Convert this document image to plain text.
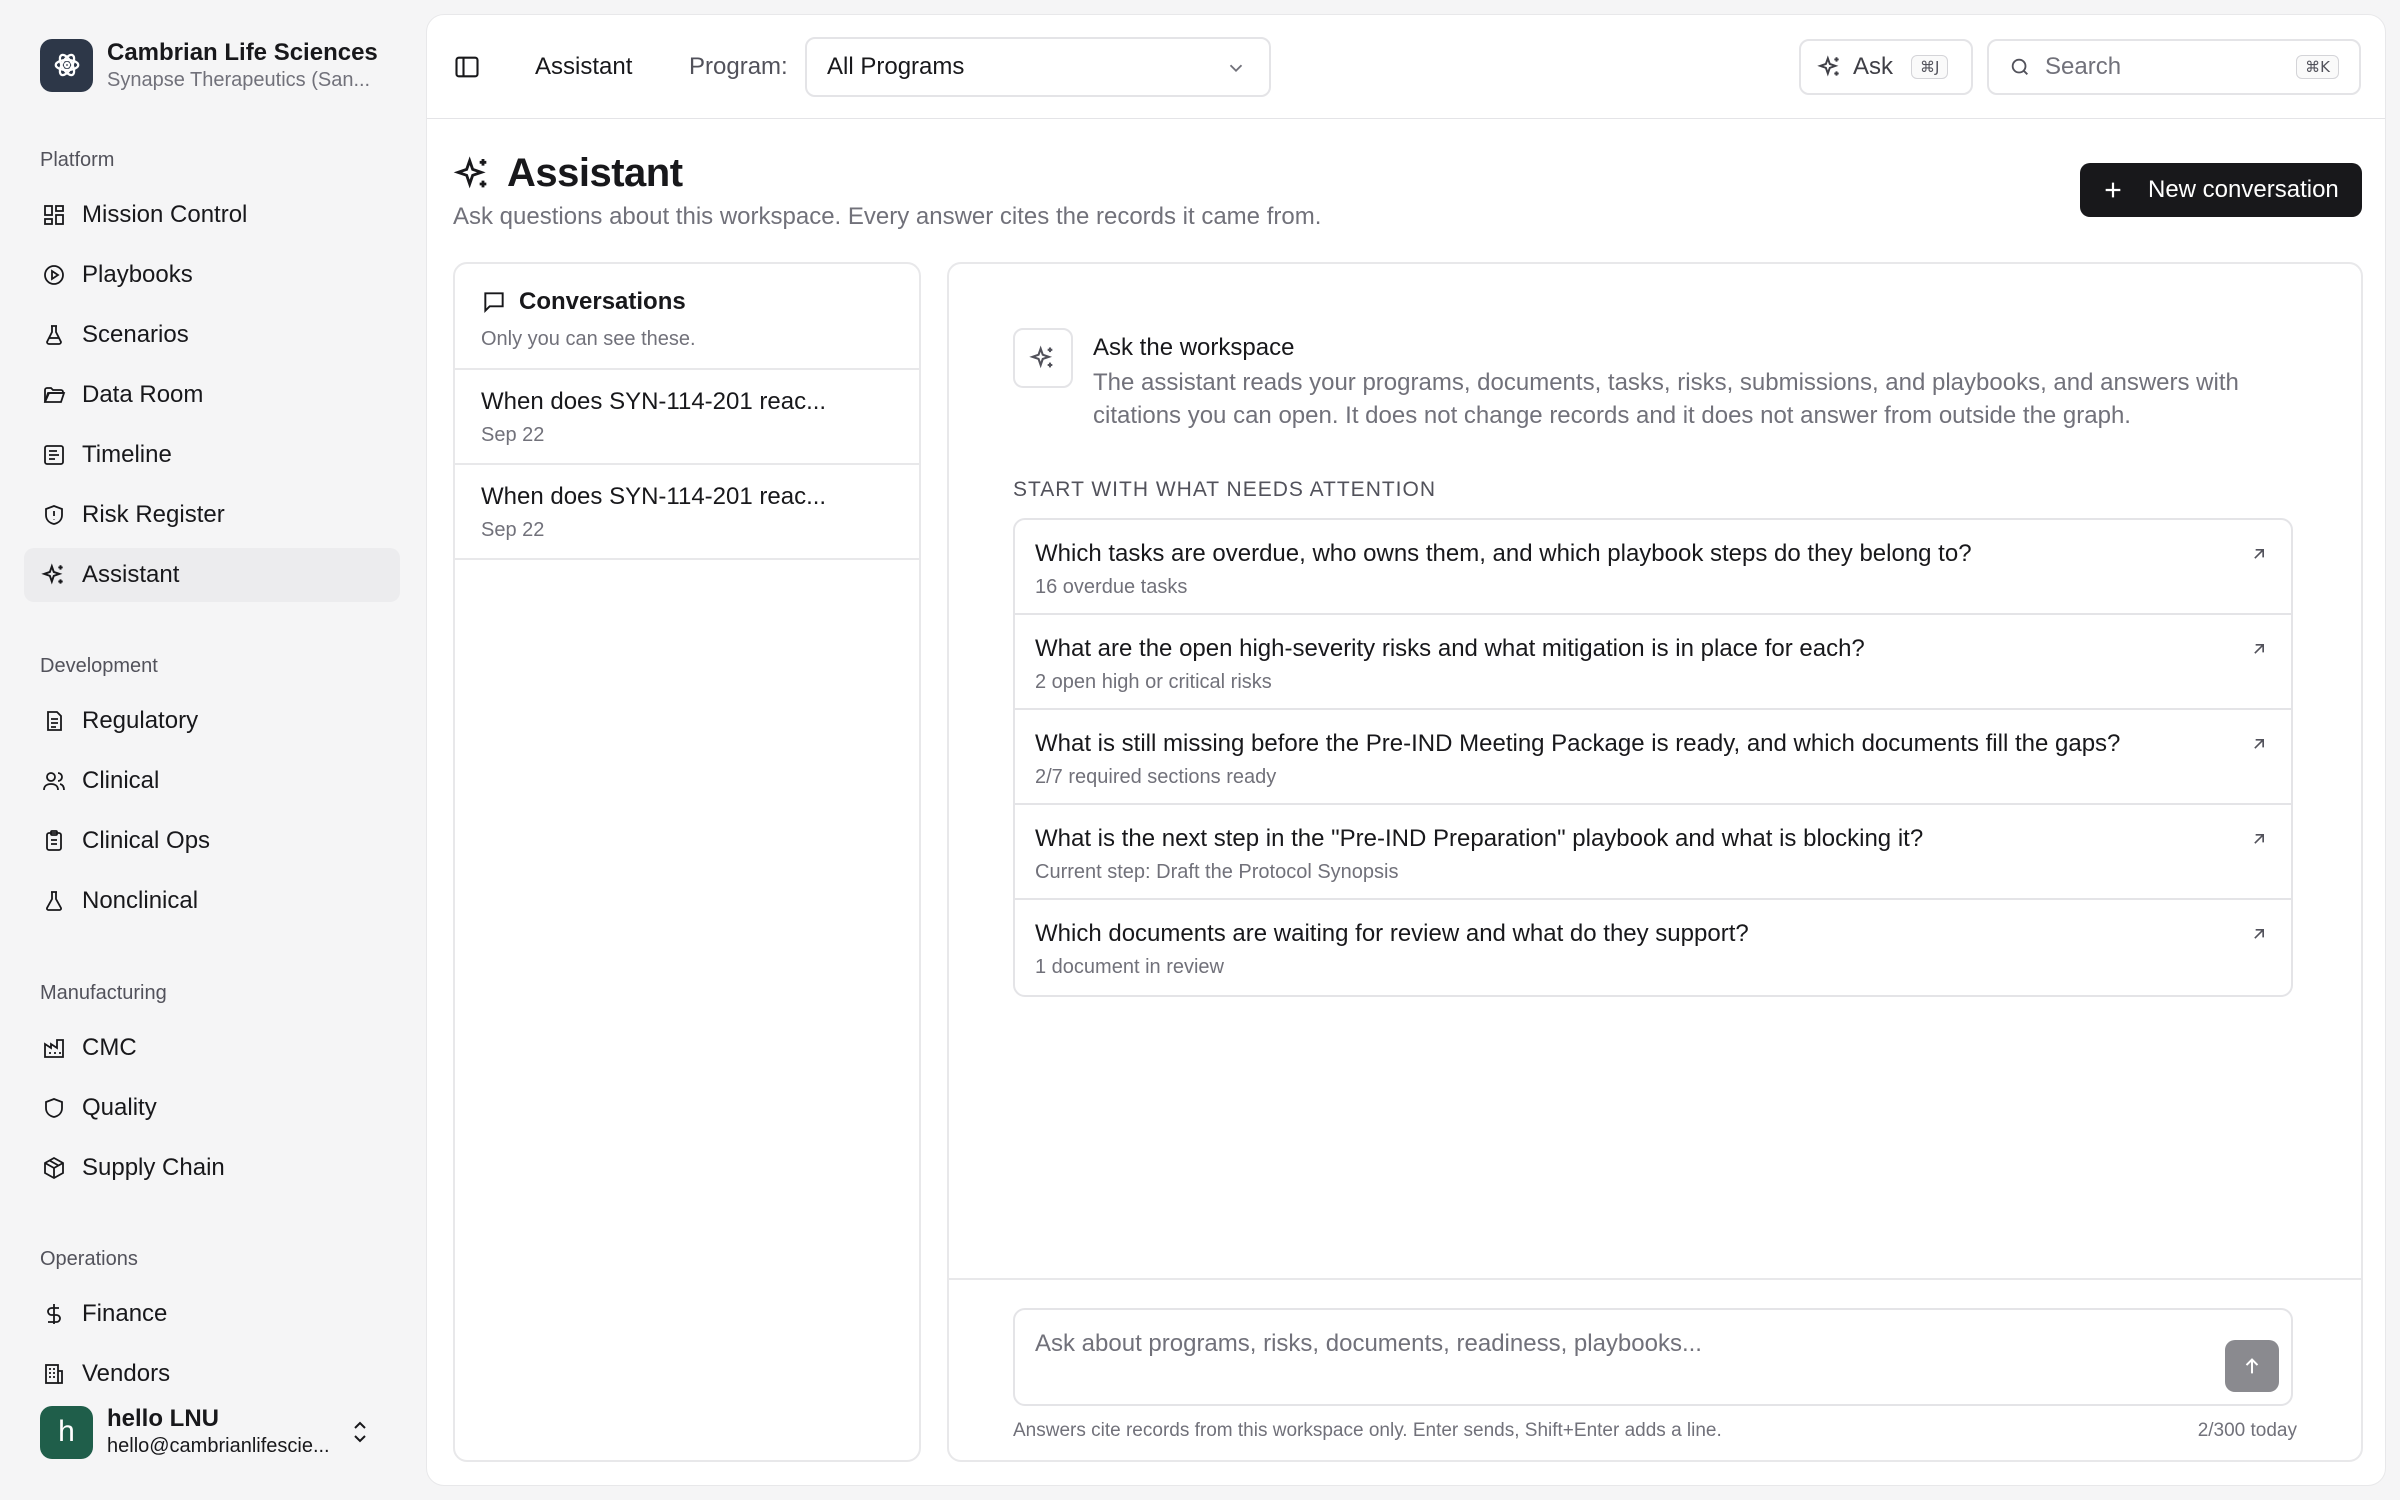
Cambrian Life Sciences
Synapse Therapeutics (San...
Platform
Mission Control
Playbooks
Scenarios
Data Room
Timeline
Risk Register
Assistant
Development
Regulatory
Clinical
Clinical Ops
Nonclinical
Manufacturing
CMC
Quality
Supply Chain
Operations
Finance
Vendors
h	hello LNU
hello@cambrianlifescie...
Assistant Program: All Programs	Ask	⌘J	Search	⌘K
Assistant
Ask questions about this workspace. Every answer cites the records it came from.
New conversation
Conversations
Only you can see these.
When does SYN-114-201 reac...
Sep 22
When does SYN-114-201 reac...
Sep 22
Ask the workspace
The assistant reads your programs, documents, tasks, risks, submissions, and playbooks, and answers with citations you can open. It does not change records and it does not answer from outside the graph.
START WITH WHAT NEEDS ATTENTION
Which tasks are overdue, who owns them, and which playbook steps do they belong to?
16 overdue tasks
What are the open high-severity risks and what mitigation is in place for each?
2 open high or critical risks
What is still missing before the Pre-IND Meeting Package is ready, and which documents fill the gaps?
2/7 required sections ready
What is the next step in the "Pre-IND Preparation" playbook and what is blocking it?
Current step: Draft the Protocol Synopsis
Which documents are waiting for review and what do they support?
1 document in review
Ask about programs, risks, documents, readiness, playbooks...
Answers cite records from this workspace only. Enter sends, Shift+Enter adds a line.	2/300 today
